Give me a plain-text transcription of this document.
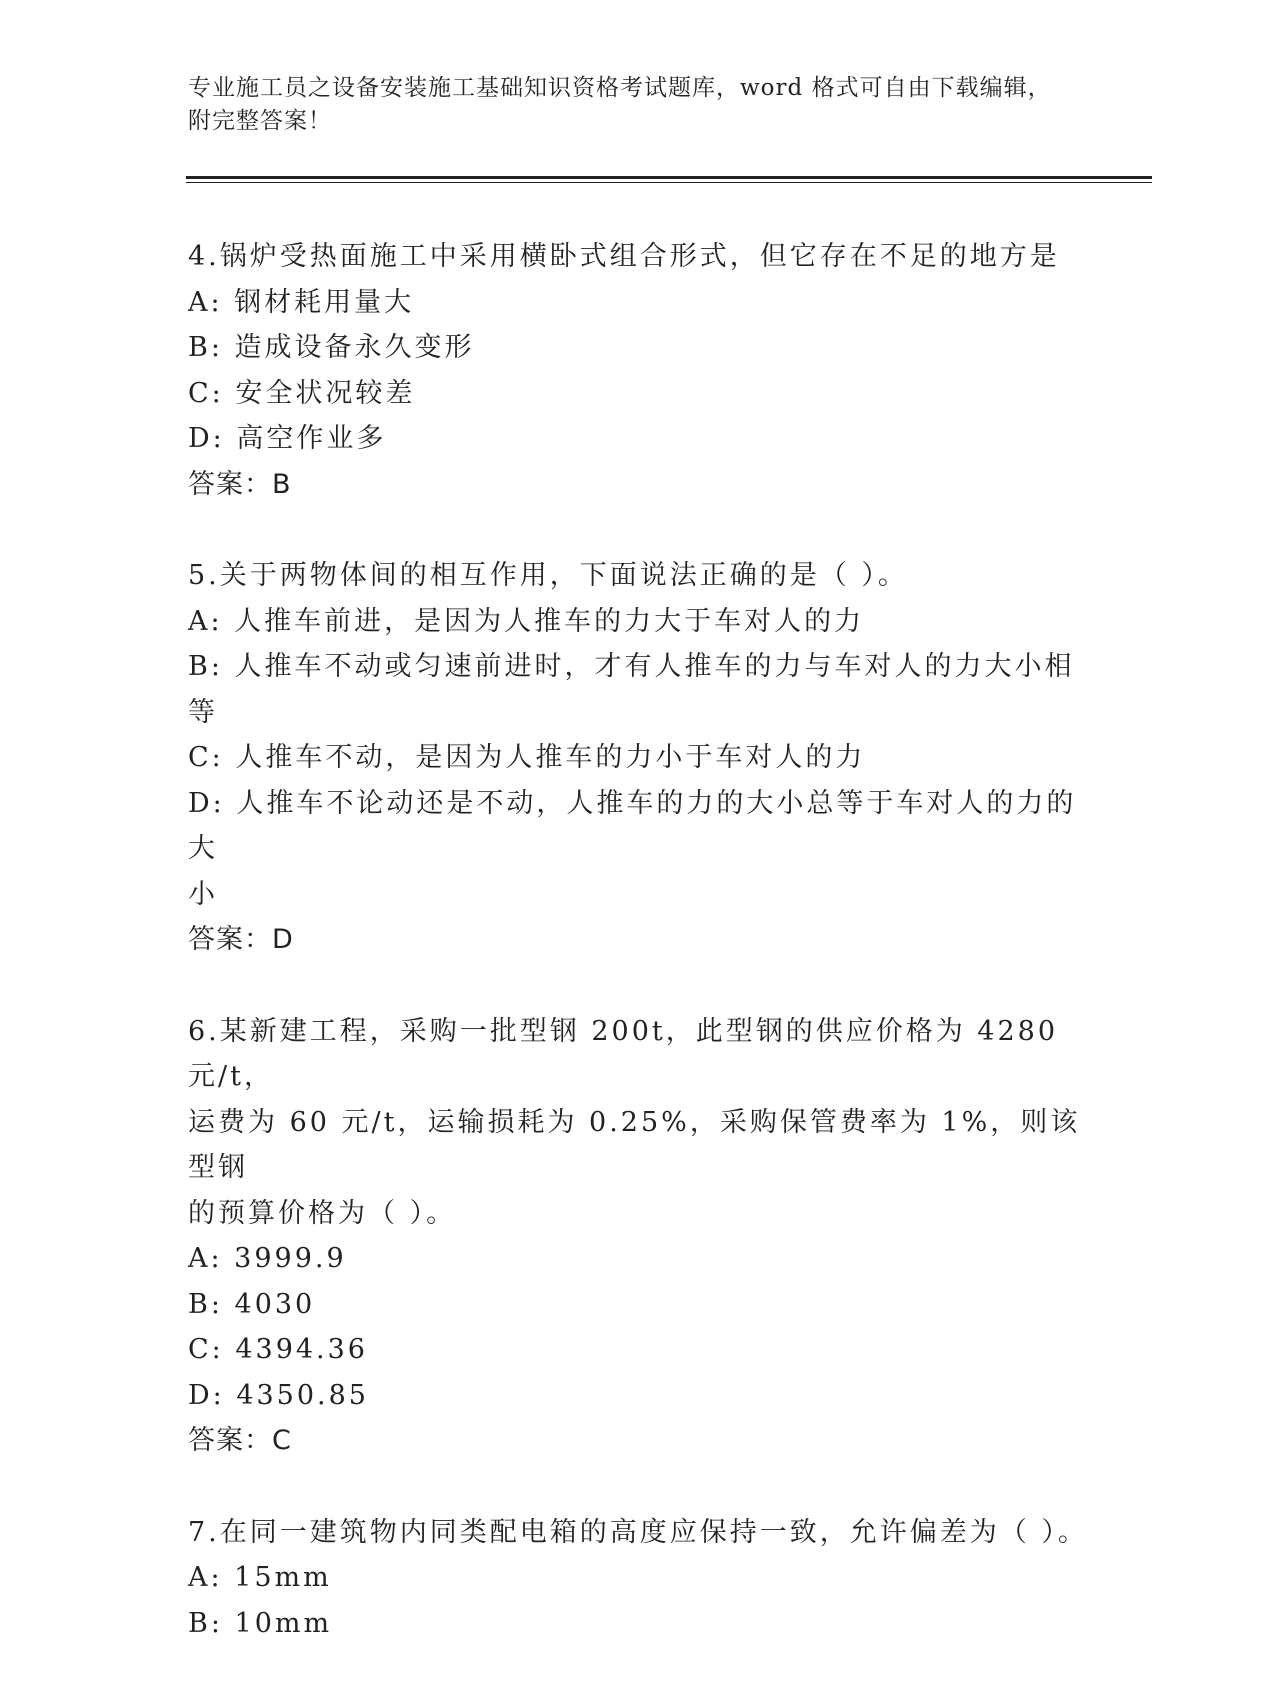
专业施工员之设备安装施工基础知识资格考试题库，word 格式可自由下载编辑，
附完整答案！
4.锅炉受热面施工中采用横卧式组合形式，但它存在不足的地方是
A: 钢材耗用量大
B: 造成设备永久变形
C: 安全状况较差
D: 高空作业多
答案：B
5.关于两物体间的相互作用，下面说法正确的是（ ）。
A: 人推车前进，是因为人推车的力大于车对人的力
B: 人推车不动或匀速前进时，才有人推车的力与车对人的力大小相等
C: 人推车不动，是因为人推车的力小于车对人的力
D: 人推车不论动还是不动，人推车的力的大小总等于车对人的力的大
小
答案：D
6.某新建工程，采购一批型钢 200t，此型钢的供应价格为 4280 元/t，
运费为 60 元/t，运输损耗为 0.25%，采购保管费率为 1%，则该型钢
的预算价格为（ ）。
A: 3999.9
B: 4030
C: 4394.36
D: 4350.85
答案：C
7.在同一建筑物内同类配电箱的高度应保持一致，允许偏差为（ ）。
A: 15mm
B: 10mm
